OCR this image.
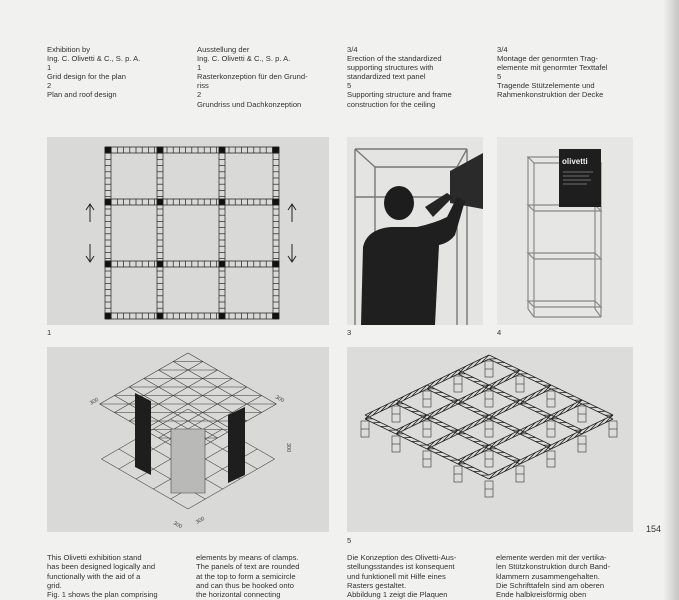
Exhibition by
Ing. C. Olivetti & C., S. p. A.
1
Grid design for the plan
2
Plan and roof design
Ausstellung der
Ing. C. Olivetti & C., S. p. A.
1
Rasterkonzeption für den Grund-
riss
2
Grundriss und Dachkonzeption
3/4
Erection of the standardized
supporting structures with
standardized text panel
5
Supporting structure and frame
construction for the ceiling
3/4
Montage der genormten Trag-
elemente mit genormter Texttafel
5
Tragende Stützelemente und
Rahmenkonstruktion der Decke
1	3
olivetti
4
300	300
300
300 300
5
154
This Olivetti exhibition stand
has been designed logically and
functionally with the aid of a
grid.
Fig. 1 shows the plan comprising
elements by means of clamps.
The panels of text are rounded
at the top to form a semicircle
and can thus be hooked onto
the horizontal connecting
Die Konzeption des Olivetti-Aus-
stellungsstandes ist konsequent
und funktionell mit Hilfe eines
Rasters gestaltet.
Abbildung 1 zeigt die Plaquen
elemente werden mit der vertika-
len Stützkonstruktion durch Band-
klammern zusammengehalten.
Die Schrifttafeln sind am oberen
Ende halbkreisförmig oben
